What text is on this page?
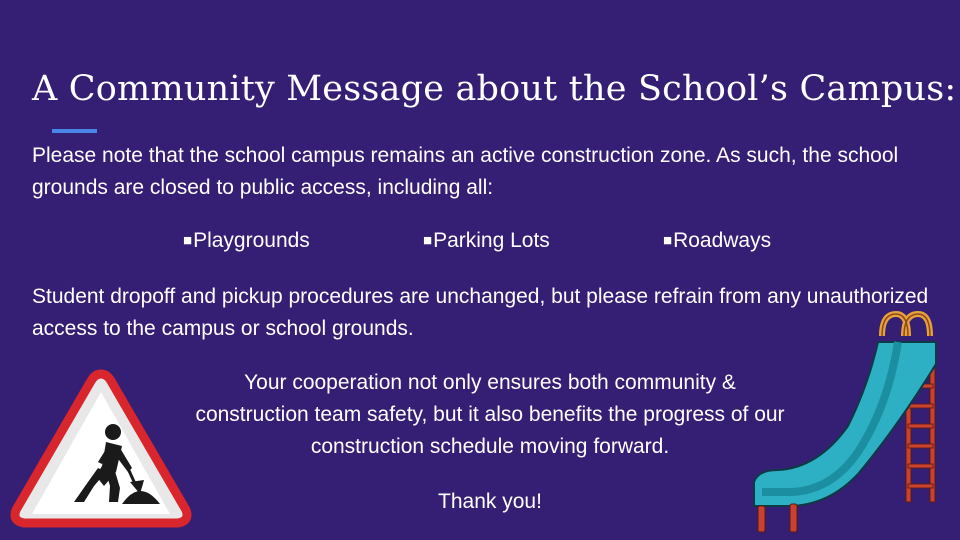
A Community Message about the School’s Campus:

Please note that the school campus remains an active construction zone. As such, the school grounds are closed to public access, including all:

■Playgrounds	■Parking Lots	■Roadways

Student dropoff and pickup procedures are unchanged, but please refrain from any unauthorized access to the campus or school grounds.

Your cooperation not only ensures both community &
construction team safety, but it also benefits the progress of our
construction schedule moving forward.

Thank you!
